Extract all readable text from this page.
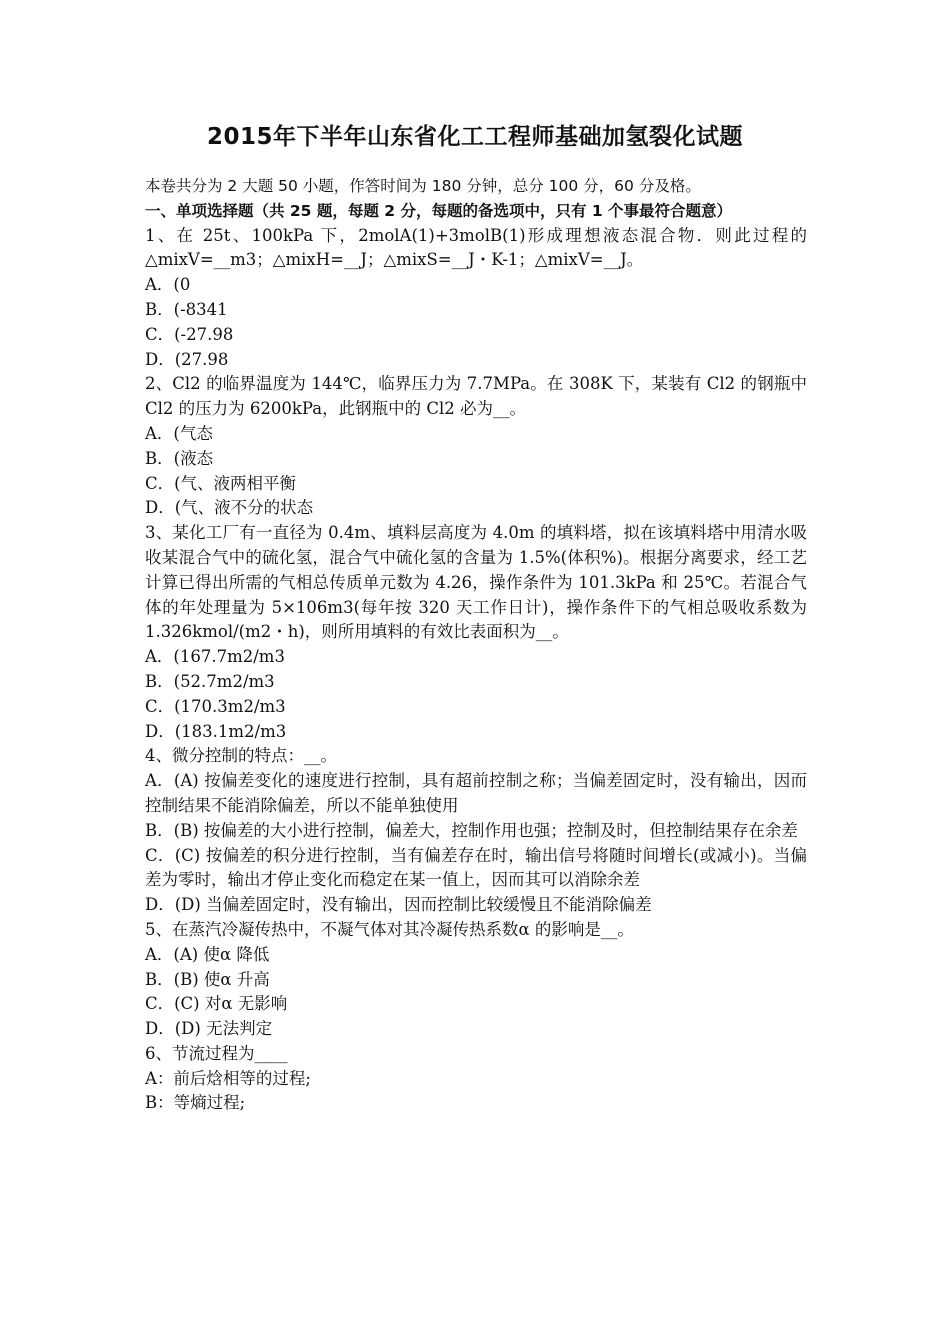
2015年下半年山东省化工工程师基础加氢裂化试题

本卷共分为 2 大题 50 小题，作答时间为 180 分钟，总分 100 分，60 分及格。

一、单项选择题（共 25 题，每题 2 分，每题的备选项中，只有 1 个事最符合题意）

1、在 25t、100kPa 下，2molA(1)+3molB(1)形成理想液态混合物．则此过程的△mixV=__m3；△mixH=__J；△mixS=__J・K-1；△mixV=__J。

A．(0

B．(-8341

C．(-27.98

D．(27.98

2、Cl2 的临界温度为 144℃，临界压力为 7.7MPa。在 308K 下，某装有 Cl2 的钢瓶中 Cl2 的压力为 6200kPa，此钢瓶中的 Cl2 必为__。

A．(气态

B．(液态

C．(气、液两相平衡

D．(气、液不分的状态

3、某化工厂有一直径为 0.4m、填料层高度为 4.0m 的填料塔，拟在该填料塔中用清水吸收某混合气中的硫化氢，混合气中硫化氢的含量为 1.5%(体积%)。根据分离要求，经工艺计算已得出所需的气相总传质单元数为 4.26，操作条件为 101.3kPa 和 25℃。若混合气体的年处理量为 5×106m3(每年按 320 天工作日计)，操作条件下的气相总吸收系数为 1.326kmol/(m2・h)，则所用填料的有效比表面积为__。

A．(167.7m2/m3

B．(52.7m2/m3

C．(170.3m2/m3

D．(183.1m2/m3

4、微分控制的特点：__。

A．(A) 按偏差变化的速度进行控制，具有超前控制之称；当偏差固定时，没有输出，因而控制结果不能消除偏差，所以不能单独使用

B．(B) 按偏差的大小进行控制，偏差大，控制作用也强；控制及时，但控制结果存在余差

C．(C) 按偏差的积分进行控制，当有偏差存在时，输出信号将随时间增长(或减小)。当偏差为零时，输出才停止变化而稳定在某一值上，因而其可以消除余差

D．(D) 当偏差固定时，没有输出，因而控制比较缓慢且不能消除偏差

5、在蒸汽冷凝传热中，不凝气体对其冷凝传热系数α 的影响是__。

A．(A) 使α 降低

B．(B) 使α 升高

C．(C) 对α 无影响

D．(D) 无法判定

6、节流过程为____

A：前后焓相等的过程;

B：等熵过程;
